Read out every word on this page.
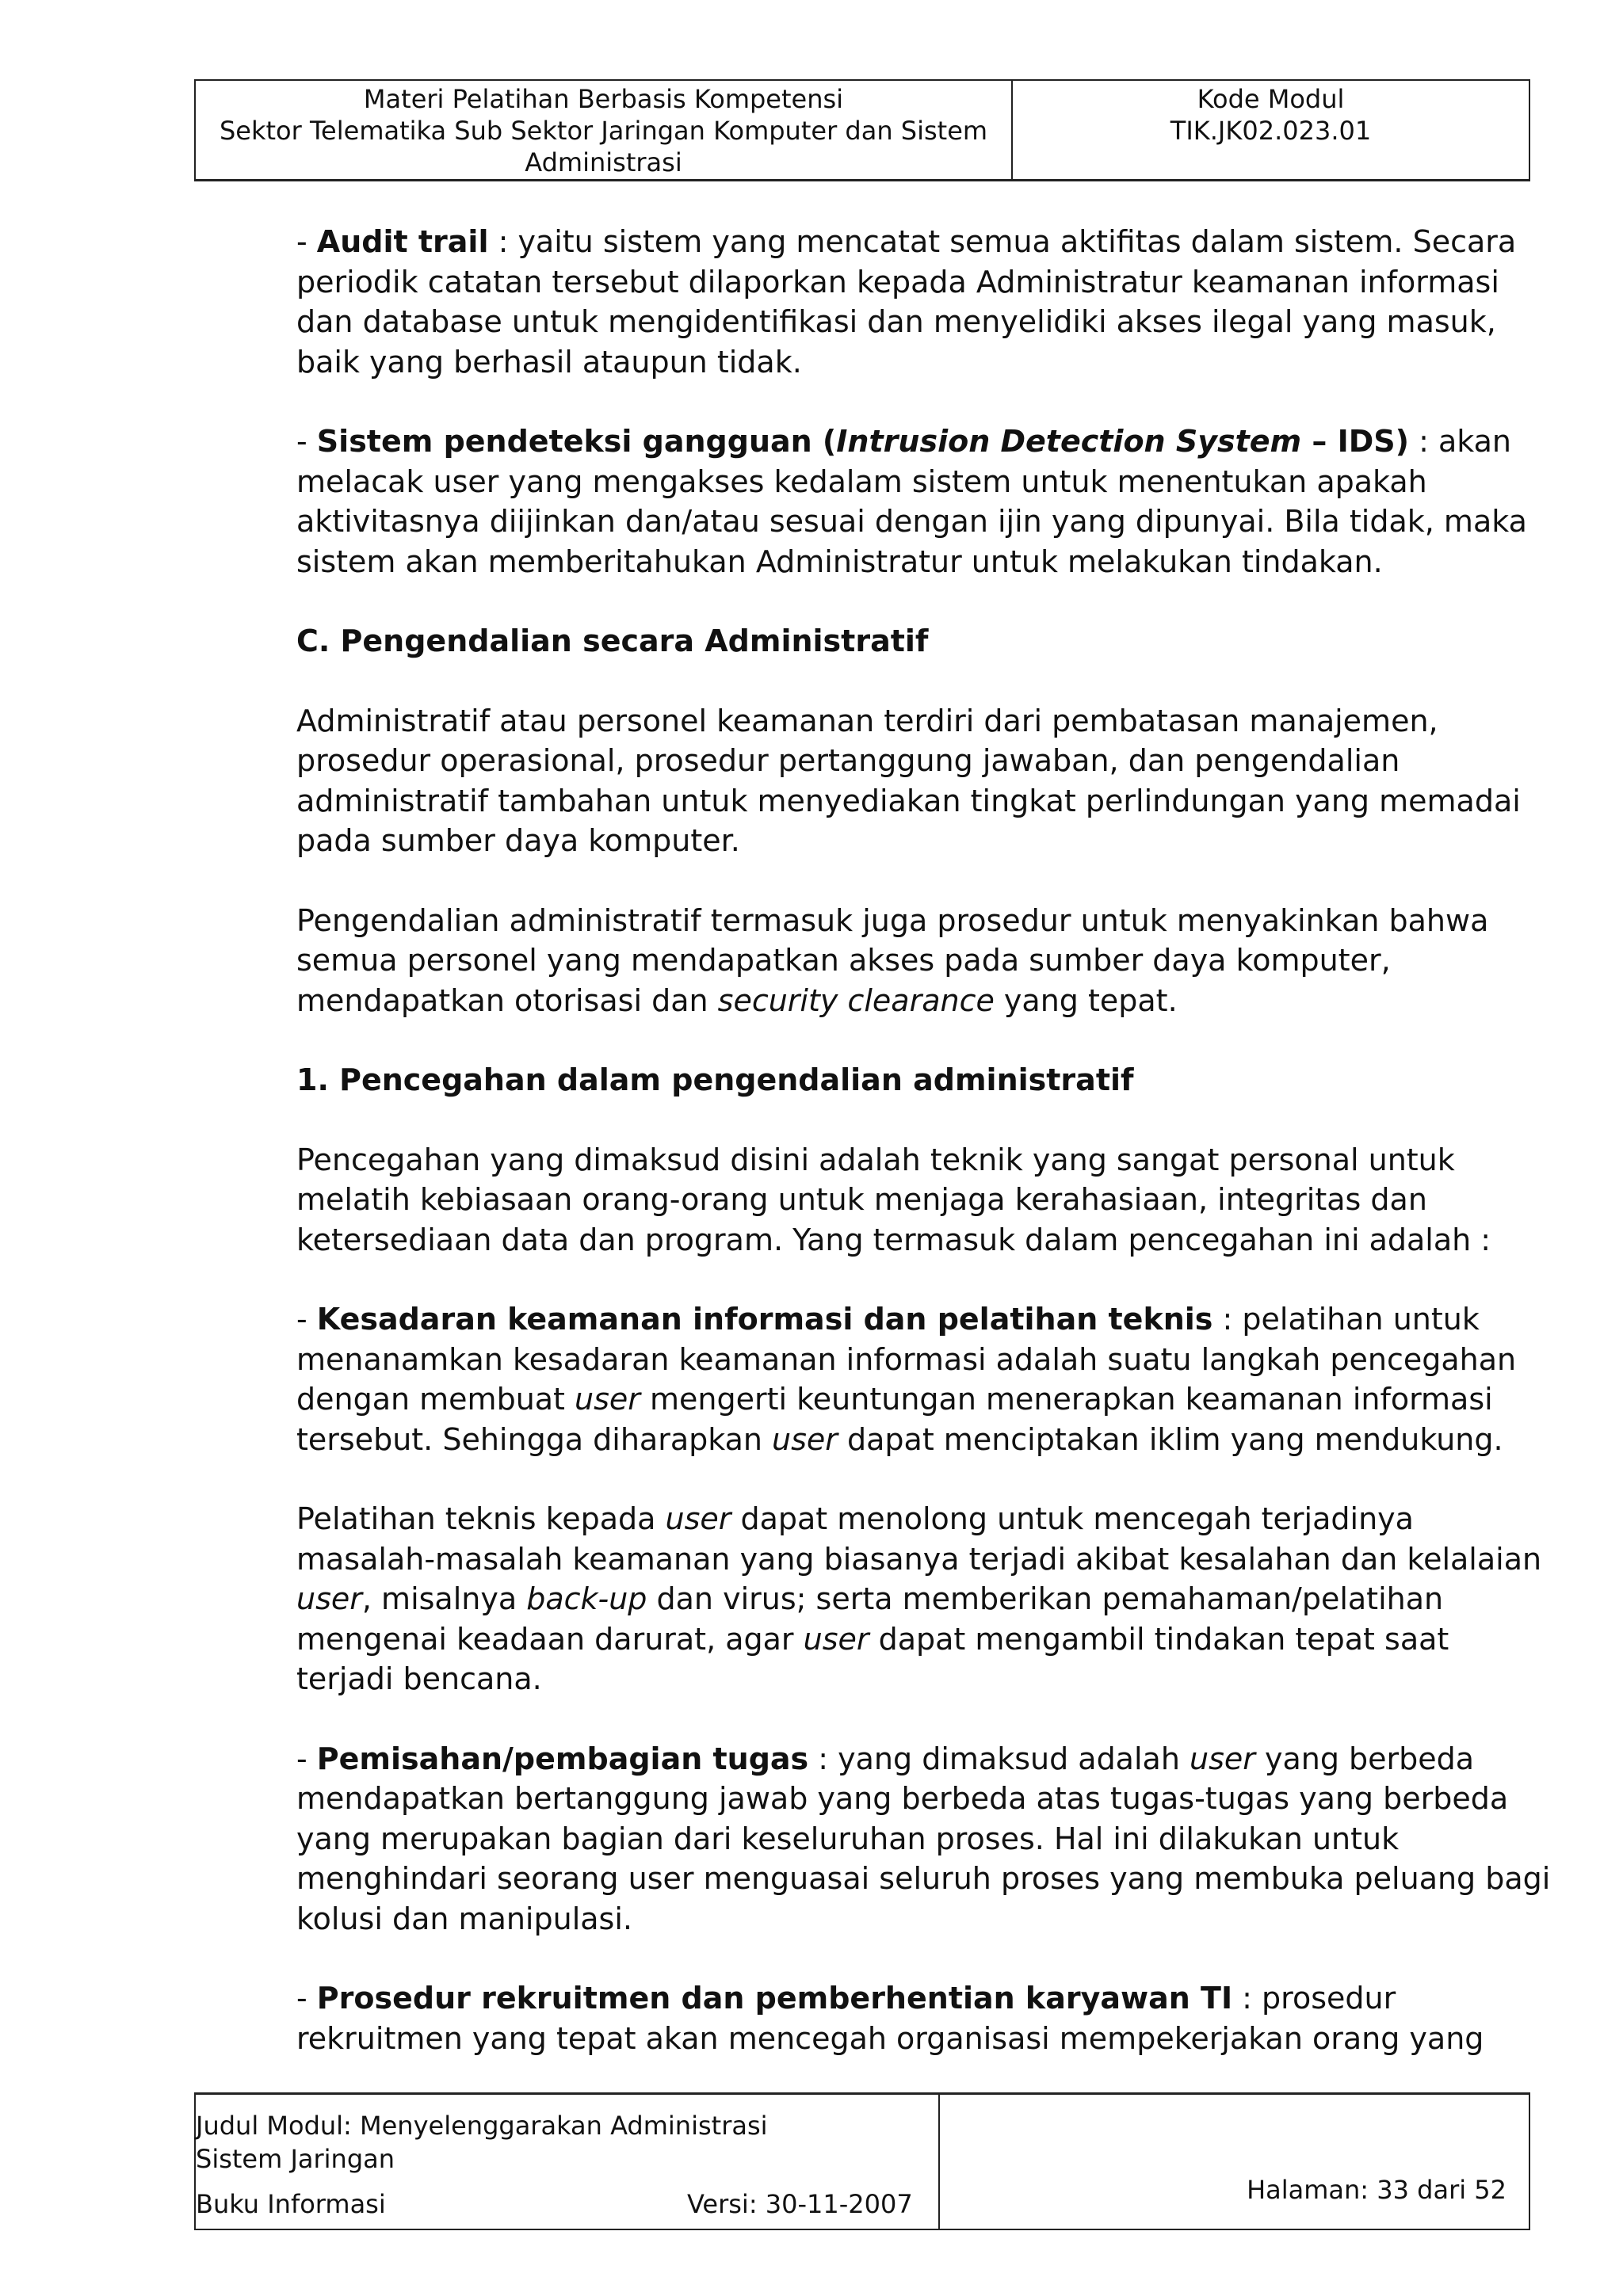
Materi Pelatihan Berbasis Kompetensi
Sektor Telematika Sub Sektor Jaringan Komputer dan Sistem
Administrasi
Kode Modul
TIK.JK02.023.01
- Audit trail : yaitu sistem yang mencatat semua aktifitas dalam sistem. Secara
periodik catatan tersebut dilaporkan kepada Administratur keamanan informasi
dan database untuk mengidentifikasi dan menyelidiki akses ilegal yang masuk,
baik yang berhasil ataupun tidak.
- Sistem pendeteksi gangguan (Intrusion Detection System – IDS) : akan
melacak user yang mengakses kedalam sistem untuk menentukan apakah
aktivitasnya diijinkan dan/atau sesuai dengan ijin yang dipunyai. Bila tidak, maka
sistem akan memberitahukan Administratur untuk melakukan tindakan.
C. Pengendalian secara Administratif
Administratif atau personel keamanan terdiri dari pembatasan manajemen,
prosedur operasional, prosedur pertanggung jawaban, dan pengendalian
administratif tambahan untuk menyediakan tingkat perlindungan yang memadai
pada sumber daya komputer.
Pengendalian administratif termasuk juga prosedur untuk menyakinkan bahwa
semua personel yang mendapatkan akses pada sumber daya komputer,
mendapatkan otorisasi dan security clearance yang tepat.
1. Pencegahan dalam pengendalian administratif
Pencegahan yang dimaksud disini adalah teknik yang sangat personal untuk
melatih kebiasaan orang-orang untuk menjaga kerahasiaan, integritas dan
ketersediaan data dan program. Yang termasuk dalam pencegahan ini adalah :
- Kesadaran keamanan informasi dan pelatihan teknis : pelatihan untuk
menanamkan kesadaran keamanan informasi adalah suatu langkah pencegahan
dengan membuat user mengerti keuntungan menerapkan keamanan informasi
tersebut. Sehingga diharapkan user dapat menciptakan iklim yang mendukung.
Pelatihan teknis kepada user dapat menolong untuk mencegah terjadinya
masalah-masalah keamanan yang biasanya terjadi akibat kesalahan dan kelalaian
user, misalnya back-up dan virus; serta memberikan pemahaman/pelatihan
mengenai keadaan darurat, agar user dapat mengambil tindakan tepat saat
terjadi bencana.
- Pemisahan/pembagian tugas : yang dimaksud adalah user yang berbeda
mendapatkan bertanggung jawab yang berbeda atas tugas-tugas yang berbeda
yang merupakan bagian dari keseluruhan proses. Hal ini dilakukan untuk
menghindari seorang user menguasai seluruh proses yang membuka peluang bagi
kolusi dan manipulasi.
- Prosedur rekruitmen dan pemberhentian karyawan TI : prosedur
rekruitmen yang tepat akan mencegah organisasi mempekerjakan orang yang
Judul Modul: Menyelenggarakan Administrasi Sistem Jaringan
Buku Informasi	Versi: 30-11-2007	Halaman: 33 dari 52
